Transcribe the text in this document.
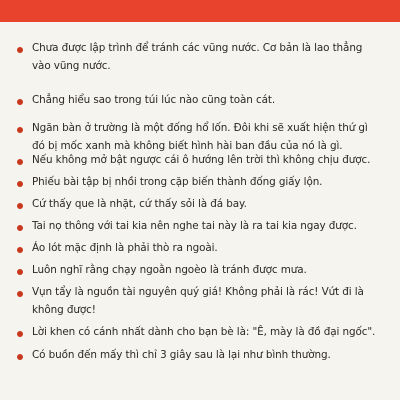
Chưa được lập trình để tránh các vũng nước. Cơ bản là lao thẳng
vào vũng nước.

Chẳng hiểu sao trong túi lúc nào cũng toàn cát.

Ngăn bàn ở trường là một đống hổ lốn. Đôi khi sẽ xuất hiện thứ gì
đó bị mốc xanh mà không biết hình hài ban đầu của nó là gì.

Nếu không mở bật ngược cái ô hướng lên trời thì không chịu được.

Phiếu bài tập bị nhồi trong cặp biến thành đống giấy lộn.

Cứ thấy que là nhặt, cứ thấy sỏi là đá bay.

Tai nọ thông với tai kia nên nghe tai này là ra tai kia ngay được.

Áo lót mặc định là phải thò ra ngoài.

Luôn nghĩ rằng chạy ngoằn ngoèo là tránh được mưa.

Vụn tẩy là nguồn tài nguyên quý giá! Không phải là rác! Vứt đi là
không được!

Lời khen có cánh nhất dành cho bạn bè là: "Ê, mày là đồ đại ngốc".

Có buồn đến mấy thì chỉ 3 giây sau là lại như bình thường.
